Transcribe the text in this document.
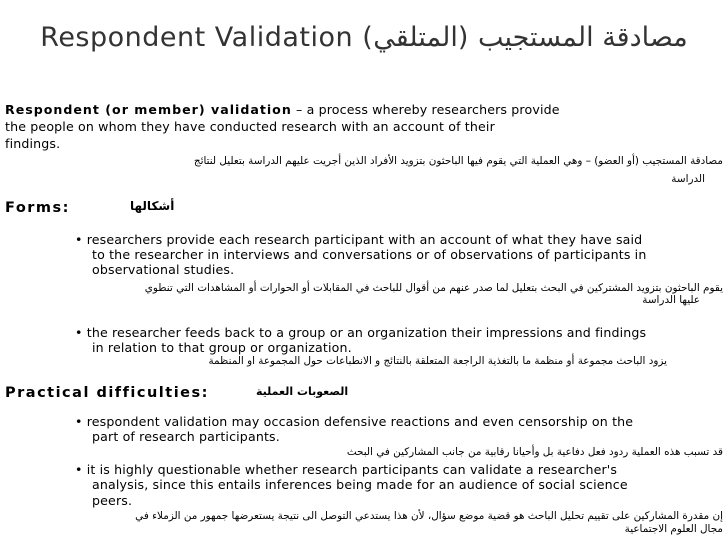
Respondent Validation (المتلقي) مصادقة المستجيب
Respondent (or member) validation – a process whereby researchers provide
the people on whom they have conducted research with an account of their
findings.
مصادقة المستجيب (أو العضو) – وهي العملية التي يقوم فيها الباحثون بتزويد الأفراد الذين أجريت عليهم الدراسة بتعليل لنتائج
الدراسة
Forms:	أشكالها
• researchers provide each research participant with an account of what they have said
to the researcher in interviews and conversations or of observations of participants in
observational studies.
يقوم الباحثون بتزويد المشتركين في البحث بتعليل لما صدر عنهم من أقوال للباحث في المقابلات أو الحوارات أو المشاهدات التي تنطوي
عليها الدراسة
• the researcher feeds back to a group or an organization their impressions and findings
in relation to that group or organization.
يزود الباحث مجموعة أو منظمة ما بالتغذية الراجعة المتعلقة بالنتائج و الانطباعات حول المجموعة او المنظمة
Practical difficulties:	الصعوبات العملية
• respondent validation may occasion defensive reactions and even censorship on the
part of research participants.
قد تسبب هذه العملية ردود فعل دفاعية بل وأحيانا رقابية من جانب المشاركين في البحث
• it is highly questionable whether research participants can validate a researcher's
analysis, since this entails inferences being made for an audience of social science
peers.
إن مقدرة المشاركين على تقييم تحليل الباحث هو قضية موضع سؤال، لأن هذا يستدعي التوصل الى نتيجة يستعرضها جمهور من الزملاء في
مجال العلوم الاجتماعية
